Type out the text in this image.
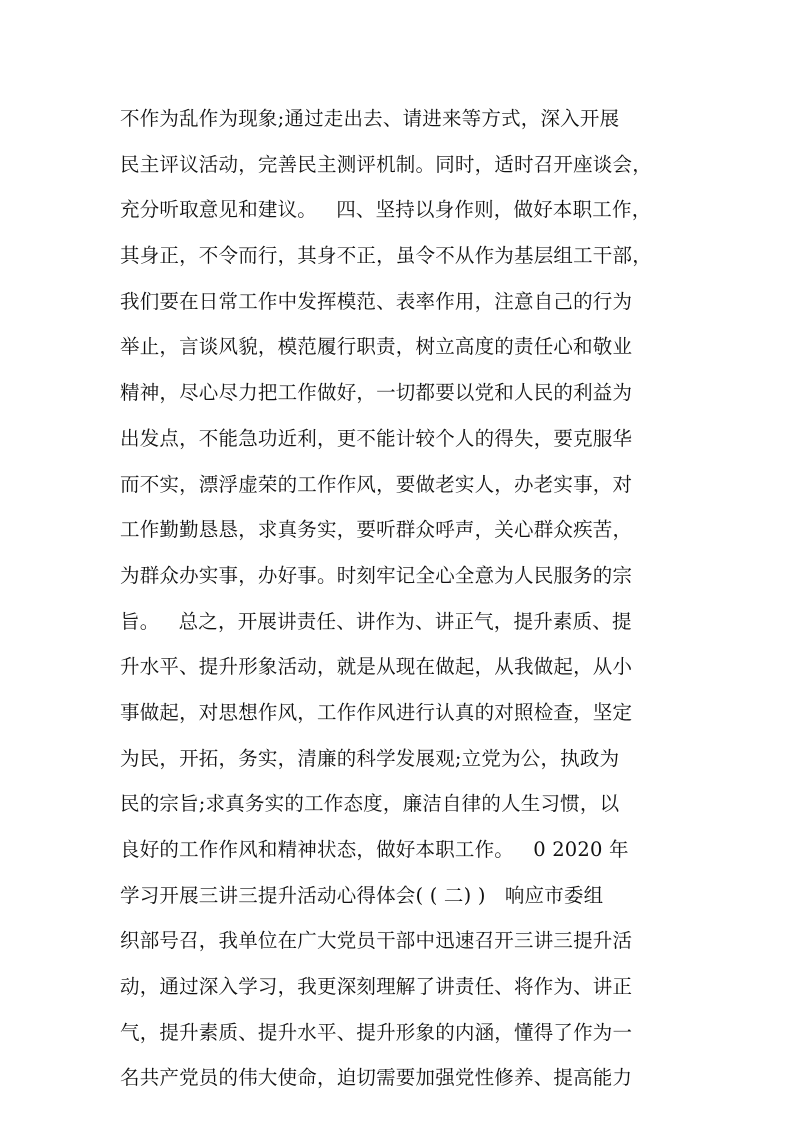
不作为乱作为现象;通过走出去、请进来等方式，深入开展
民主评议活动，完善民主测评机制。同时，适时召开座谈会，
充分听取意见和建议。   四、坚持以身作则，做好本职工作，
其身正，不令而行，其身不正，虽令不从作为基层组工干部，
我们要在日常工作中发挥模范、表率作用，注意自己的行为
举止，言谈风貌，模范履行职责，树立高度的责任心和敬业
精神，尽心尽力把工作做好，一切都要以党和人民的利益为
出发点，不能急功近利，更不能计较个人的得失，要克服华
而不实，漂浮虚荣的工作作风，要做老实人，办老实事，对
工作勤勤恳恳，求真务实，要听群众呼声，关心群众疾苦，
为群众办实事，办好事。时刻牢记全心全意为人民服务的宗
旨。   总之，开展讲责任、讲作为、讲正气，提升素质、提
升水平、提升形象活动，就是从现在做起，从我做起，从小
事做起，对思想作风，工作作风进行认真的对照检查，坚定
为民，开拓，务实，清廉的科学发展观;立党为公，执政为
民的宗旨;求真务实的工作态度，廉洁自律的人生习惯，以
良好的工作作风和精神状态，做好本职工作。   0 2020 年
学习开展三讲三提升活动心得体会( ( 二) )   响应市委组
织部号召，我单位在广大党员干部中迅速召开三讲三提升活
动，通过深入学习，我更深刻理解了讲责任、将作为、讲正
气，提升素质、提升水平、提升形象的内涵，懂得了作为一
名共产党员的伟大使命，迫切需要加强党性修养、提高能力
